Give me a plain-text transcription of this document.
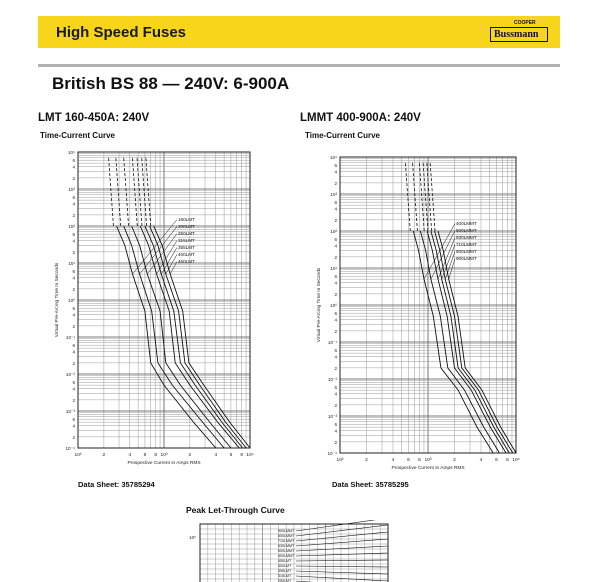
High Speed Fuses
COOPER
Bussmann
British BS 88 — 240V: 6-900A
LMT 160-450A: 240V
Time-Current Curve
10⁴
6
4
2
10³
6
4
2
10²
6
4
2
10¹
6
4
2
10⁰
6
4
2
10⁻¹
6
4
2
10⁻²
6
4
2
10⁻³
6
4
2
10⁻⁴
10²	2	4	6 8 10³	2	4	6 8 10⁴
Prospective Current In Amps RMS
Virtual Pre-Arcing Time In Seconds
160LMT
200LMT
250LMT
315LMT
355LMT
400LMT
450LMT
Data Sheet: 35785294
LMMT 400-900A: 240V
Time-Current Curve
10⁴
6
4
2
10³
6
4
2
10²
6
4
2
10¹
6
4
2
10⁰
6
4
2
10⁻¹
6
4
2
10⁻²
6
4
2
10⁻³
6
4
2
10⁻⁴
10²	2	4	6 8 10³	2	4	6 8 10⁴
Prospective Current In Amps RMS
Virtual Pre-Arcing Time In Seconds
400LMMT
500LMMT
630LMMT
710LMMT
800LMMT
900LMMT
Data Sheet: 35785295
Peak Let-Through Curve
10⁵
900LMMT
800LMMT
710LMMT
630LMMT
500LMMT
400LMMT
450LMT
400LMT
355LMT
315LMT
250LMT
